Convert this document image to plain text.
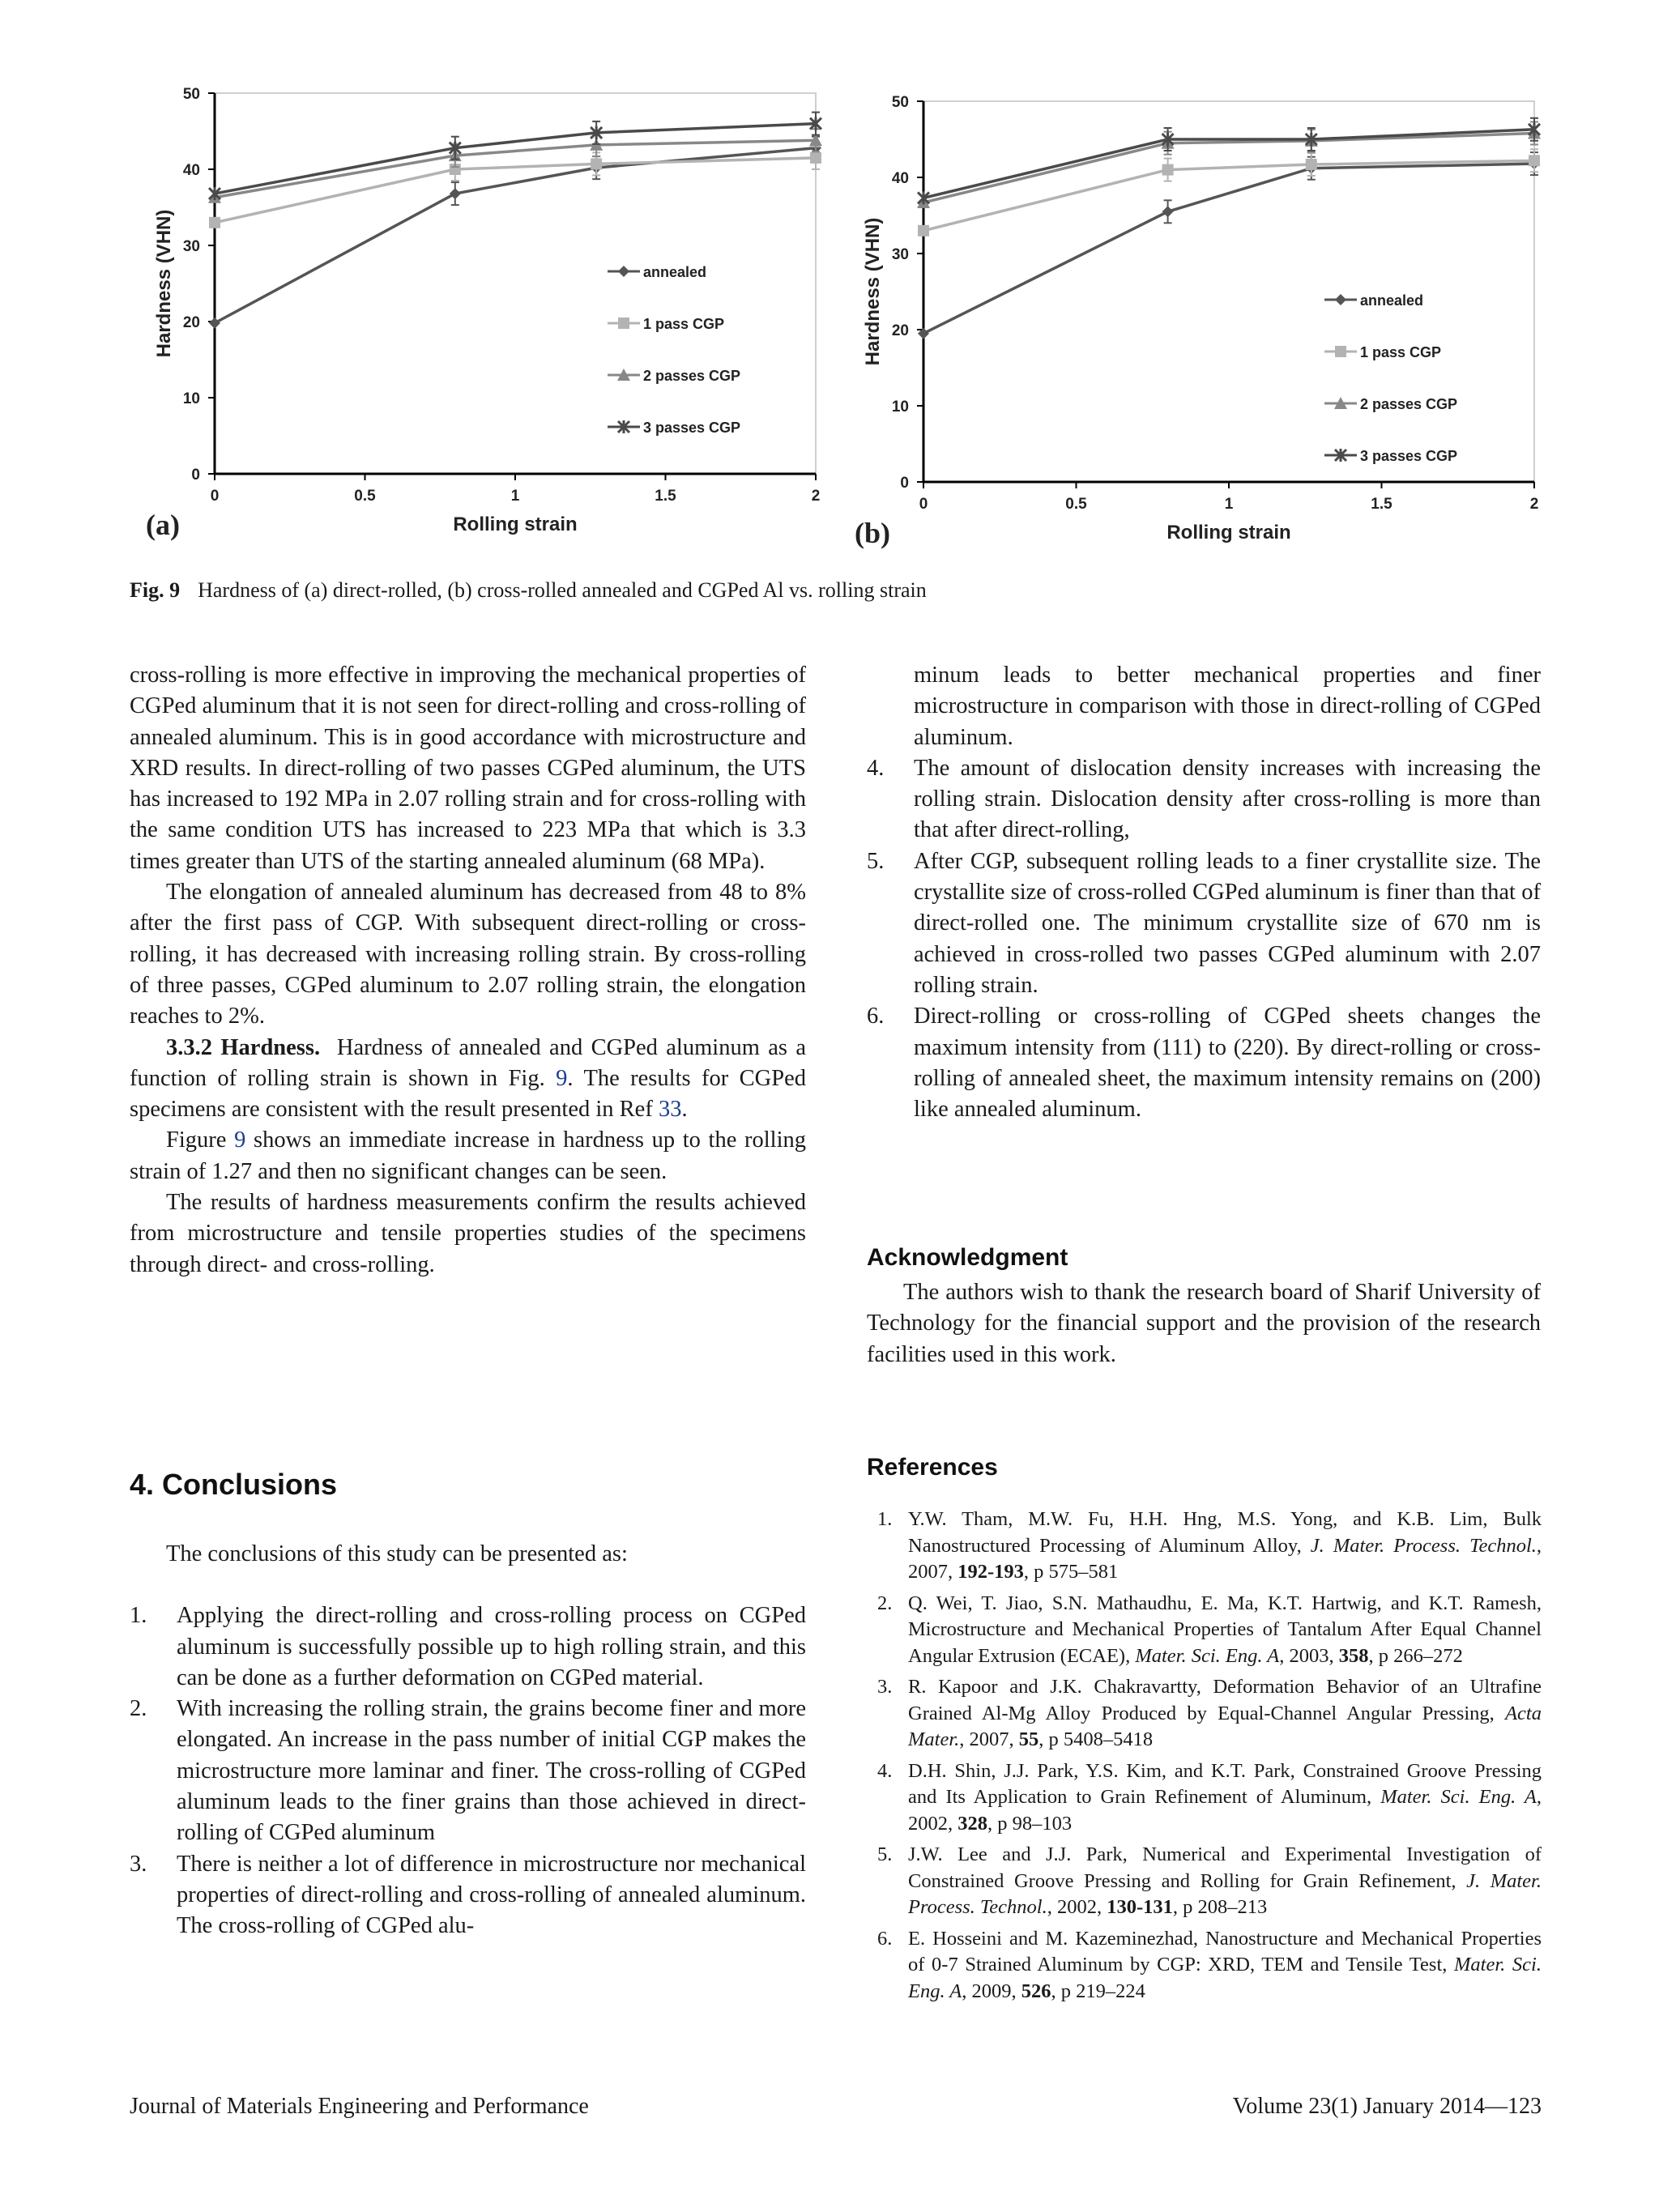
0
10
20
30
40
50
0	0.5	1	1.5	2
Rolling strain
Hardness (VHN)
(a)
annealed
1 pass CGP
2 passes CGP
3 passes CGP
0
10
20
30
40
50
0	0.5	1	1.5	2
Rolling strain
Hardness (VHN)
(b)
annealed
1 pass CGP
2 passes CGP
3 passes CGP
Fig. 9 Hardness of (a) direct-rolled, (b) cross-rolled annealed and CGPed Al vs. rolling strain

cross-rolling is more effective in improving the mechanical properties of CGPed aluminum that it is not seen for direct-rolling and cross-rolling of annealed aluminum. This is in good accordance with microstructure and XRD results. In direct-rolling of two passes CGPed aluminum, the UTS has increased to 192 MPa in 2.07 rolling strain and for cross-rolling with the same condition UTS has increased to 223 MPa that which is 3.3 times greater than UTS of the starting annealed aluminum (68 MPa).

The elongation of annealed aluminum has decreased from 48 to 8% after the first pass of CGP. With subsequent direct-rolling or cross-rolling, it has decreased with increasing rolling strain. By cross-rolling of three passes, CGPed aluminum to 2.07 rolling strain, the elongation reaches to 2%.

3.3.2 Hardness. Hardness of annealed and CGPed aluminum as a function of rolling strain is shown in Fig. 9. The results for CGPed specimens are consistent with the result presented in Ref 33.

Figure 9 shows an immediate increase in hardness up to the rolling strain of 1.27 and then no significant changes can be seen.

The results of hardness measurements confirm the results achieved from microstructure and tensile properties studies of the specimens through direct- and cross-rolling.

4. Conclusions

The conclusions of this study can be presented as:

1. Applying the direct-rolling and cross-rolling process on CGPed aluminum is successfully possible up to high rolling strain, and this can be done as a further deformation on CGPed material.
2. With increasing the rolling strain, the grains become finer and more elongated. An increase in the pass number of initial CGP makes the microstructure more laminar and finer. The cross-rolling of CGPed aluminum leads to the finer grains than those achieved in direct-rolling of CGPed aluminum
3. There is neither a lot of difference in microstructure nor mechanical properties of direct-rolling and cross-rolling of annealed aluminum. The cross-rolling of CGPed alu-
minum leads to better mechanical properties and finer microstructure in comparison with those in direct-rolling of CGPed aluminum.
4. The amount of dislocation density increases with increasing the rolling strain. Dislocation density after cross-rolling is more than that after direct-rolling,
5. After CGP, subsequent rolling leads to a finer crystallite size. The crystallite size of cross-rolled CGPed aluminum is finer than that of direct-rolled one. The minimum crystallite size of 670 nm is achieved in cross-rolled two passes CGPed aluminum with 2.07 rolling strain.
6. Direct-rolling or cross-rolling of CGPed sheets changes the maximum intensity from (111) to (220). By direct-rolling or cross-rolling of annealed sheet, the maximum intensity remains on (200) like annealed aluminum.
Acknowledgment

The authors wish to thank the research board of Sharif University of Technology for the financial support and the provision of the research facilities used in this work.

References
1. Y.W. Tham, M.W. Fu, H.H. Hng, M.S. Yong, and K.B. Lim, Bulk Nanostructured Processing of Aluminum Alloy, J. Mater. Process. Technol., 2007, 192-193, p 575–581
2. Q. Wei, T. Jiao, S.N. Mathaudhu, E. Ma, K.T. Hartwig, and K.T. Ramesh, Microstructure and Mechanical Properties of Tantalum After Equal Channel Angular Extrusion (ECAE), Mater. Sci. Eng. A, 2003, 358, p 266–272
3. R. Kapoor and J.K. Chakravartty, Deformation Behavior of an Ultrafine Grained Al-Mg Alloy Produced by Equal-Channel Angular Pressing, Acta Mater., 2007, 55, p 5408–5418
4. D.H. Shin, J.J. Park, Y.S. Kim, and K.T. Park, Constrained Groove Pressing and Its Application to Grain Refinement of Aluminum, Mater. Sci. Eng. A, 2002, 328, p 98–103
5. J.W. Lee and J.J. Park, Numerical and Experimental Investigation of Constrained Groove Pressing and Rolling for Grain Refinement, J. Mater. Process. Technol., 2002, 130-131, p 208–213
6. E. Hosseini and M. Kazeminezhad, Nanostructure and Mechanical Properties of 0-7 Strained Aluminum by CGP: XRD, TEM and Tensile Test, Mater. Sci. Eng. A, 2009, 526, p 219–224
Journal of Materials Engineering and Performance	Volume 23(1) January 2014—123
